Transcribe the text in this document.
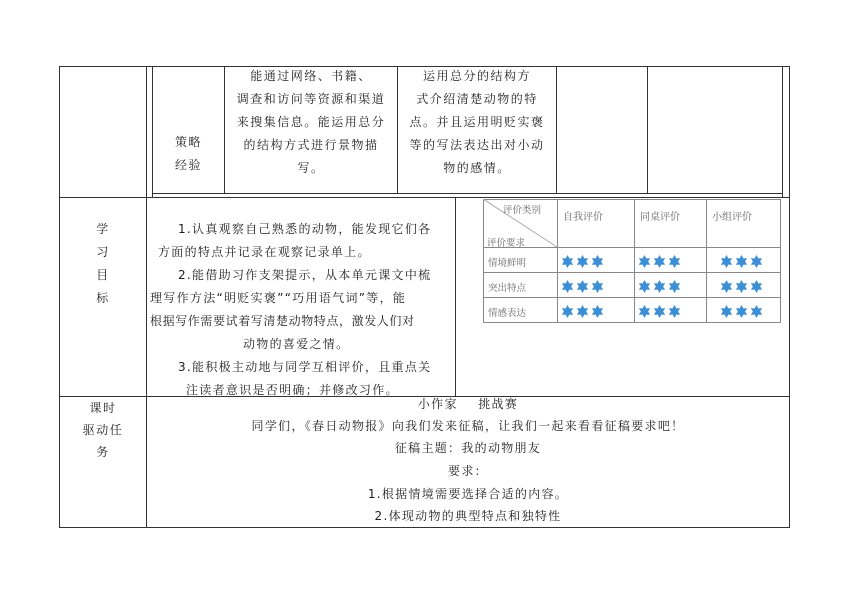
策略
经验
能通过网络、书籍、
调查和访问等资源和渠道
来搜集信息。能运用总分
的结构方式进行景物描
写。
运用总分的结构方
式介绍清楚动物的特
点。并且运用明贬实褒
等的写法表达出对小动
物的感情。
学
习
目
标
1.认真观察自己熟悉的动物，能发现它们各
方面的特点并记录在观察记录单上。
2.能借助习作支架提示，从本单元课文中梳
理写作方法“明贬实褒”“巧用语气词”等，能
根据写作需要试着写清楚动物特点，激发人们对
动物的喜爱之情。
3.能积极主动地与同学互相评价，且重点关
注读者意识是否明确；并修改习作。
评价类别
评价要求
自我评价	同桌评价	小组评价
情境鲜明
突出特点
情感表达
课时
驱动任
务
小作家    挑战赛
同学们，《春日动物报》向我们发来征稿，让我们一起来看看征稿要求吧！
征稿主题：我的动物朋友
要求：
1.根据情境需要选择合适的内容。
2.体现动物的典型特点和独特性
